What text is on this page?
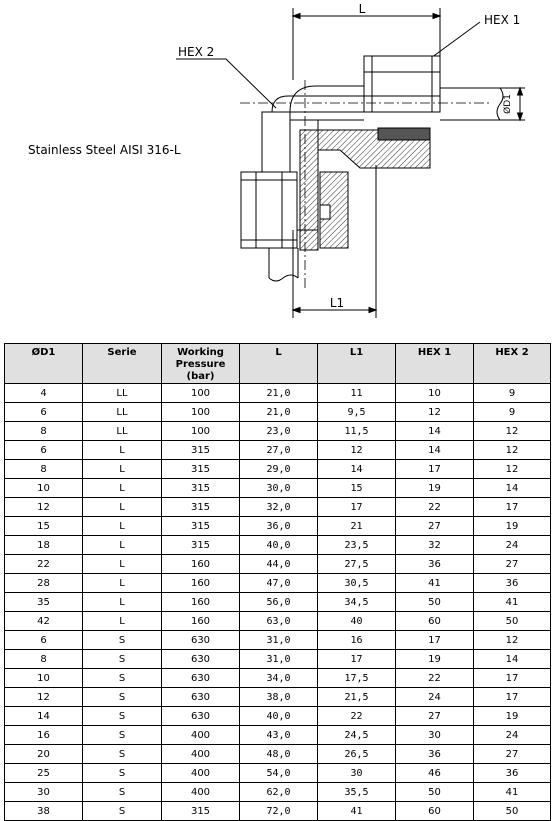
L
HEX 1
HEX 2
ØD1
L1
Stainless Steel AISI 316-L
ØD1	Serie	Working Pressure (bar)	L	L1	HEX 1	HEX 2
4	LL	100	21,0	11	10	9
6	LL	100	21,0	9,5	12	9
8	LL	100	23,0	11,5	14	12
6	L	315	27,0	12	14	12
8	L	315	29,0	14	17	12
10	L	315	30,0	15	19	14
12	L	315	32,0	17	22	17
15	L	315	36,0	21	27	19
18	L	315	40,0	23,5	32	24
22	L	160	44,0	27,5	36	27
28	L	160	47,0	30,5	41	36
35	L	160	56,0	34,5	50	41
42	L	160	63,0	40	60	50
6	S	630	31,0	16	17	12
8	S	630	31,0	17	19	14
10	S	630	34,0	17,5	22	17
12	S	630	38,0	21,5	24	17
14	S	630	40,0	22	27	19
16	S	400	43,0	24,5	30	24
20	S	400	48,0	26,5	36	27
25	S	400	54,0	30	46	36
30	S	400	62,0	35,5	50	41
38	S	315	72,0	41	60	50
